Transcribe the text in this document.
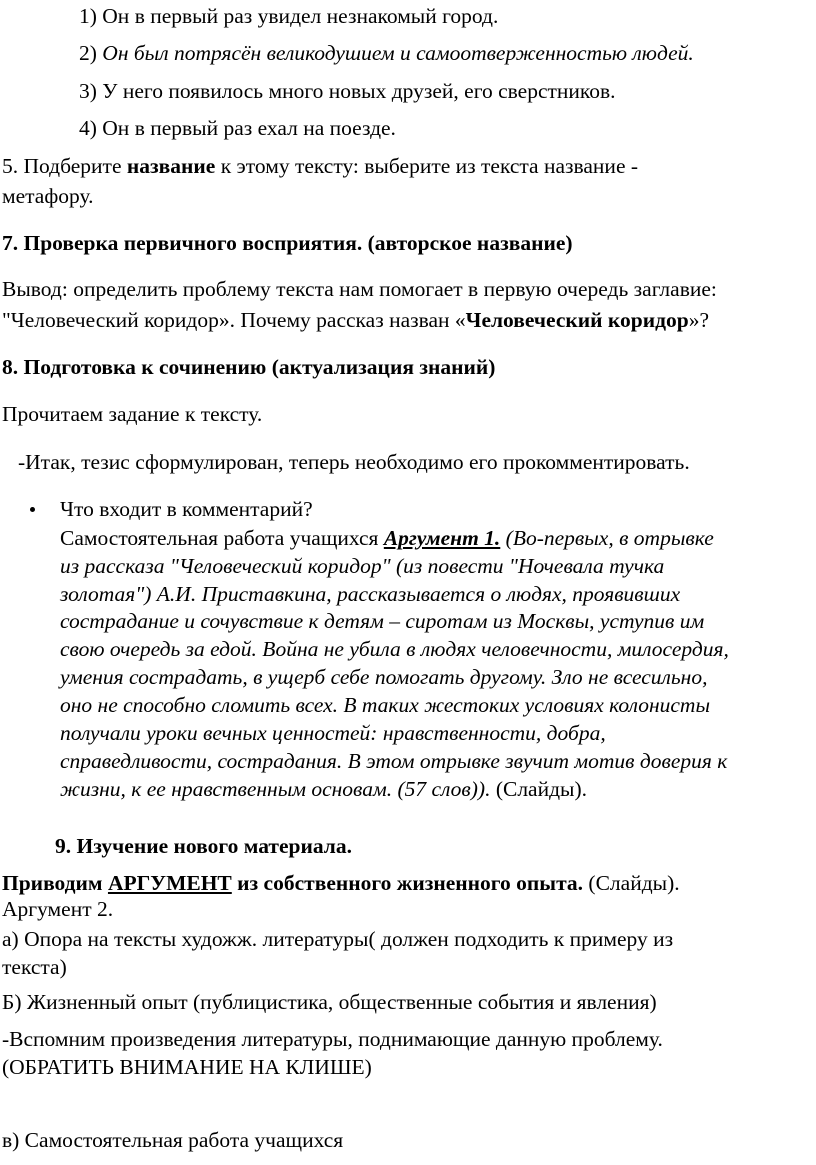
1) Он в первый раз увидел незнакомый город.
2) Он был потрясён великодушием и самоотверженностью людей.
3) У него появилось много новых друзей, его сверстников.
4) Он в первый раз ехал на поезде.
5. Подберите название к этому тексту: выберите из текста название -
метафору.
7. Проверка первичного восприятия. (авторское название)
Вывод: определить проблему текста нам помогает в первую очередь заглавие:
"Человеческий коридор». Почему рассказ назван «Человеческий коридор»?
8. Подготовка к сочинению (актуализация знаний)
Прочитаем задание к тексту.
-Итак, тезис сформулирован, теперь необходимо его прокомментировать.
Что входит в комментарий?
Самостоятельная работа учащихся Аргумент 1. (Во-первых, в отрывке
из рассказа "Человеческий коридор" (из повести "Ночевала тучка
золотая") А.И. Приставкина, рассказывается о людях, проявивших
сострадание и сочувствие к детям – сиротам из Москвы, уступив им
свою очередь за едой. Война не убила в людях человечности, милосердия,
умения сострадать, в ущерб себе помогать другому. Зло не всесильно,
оно не способно сломить всех. В таких жестоких условиях колонисты
получали уроки вечных ценностей: нравственности, добра,
справедливости, сострадания. В этом отрывке звучит мотив доверия к
жизни, к ее нравственным основам. (57 слов)). (Слайды).
9. Изучение нового материала.
Приводим АРГУМЕНТ из собственного жизненного опыта. (Слайды).
Аргумент 2.
а) Опора на тексты художж. литературы( должен подходить к примеру из
текста)
Б) Жизненный опыт (публицистика, общественные события и явления)
-Вспомним произведения литературы, поднимающие данную проблему.
(ОБРАТИТЬ ВНИМАНИЕ НА КЛИШЕ)
в) Самостоятельная работа учащихся
